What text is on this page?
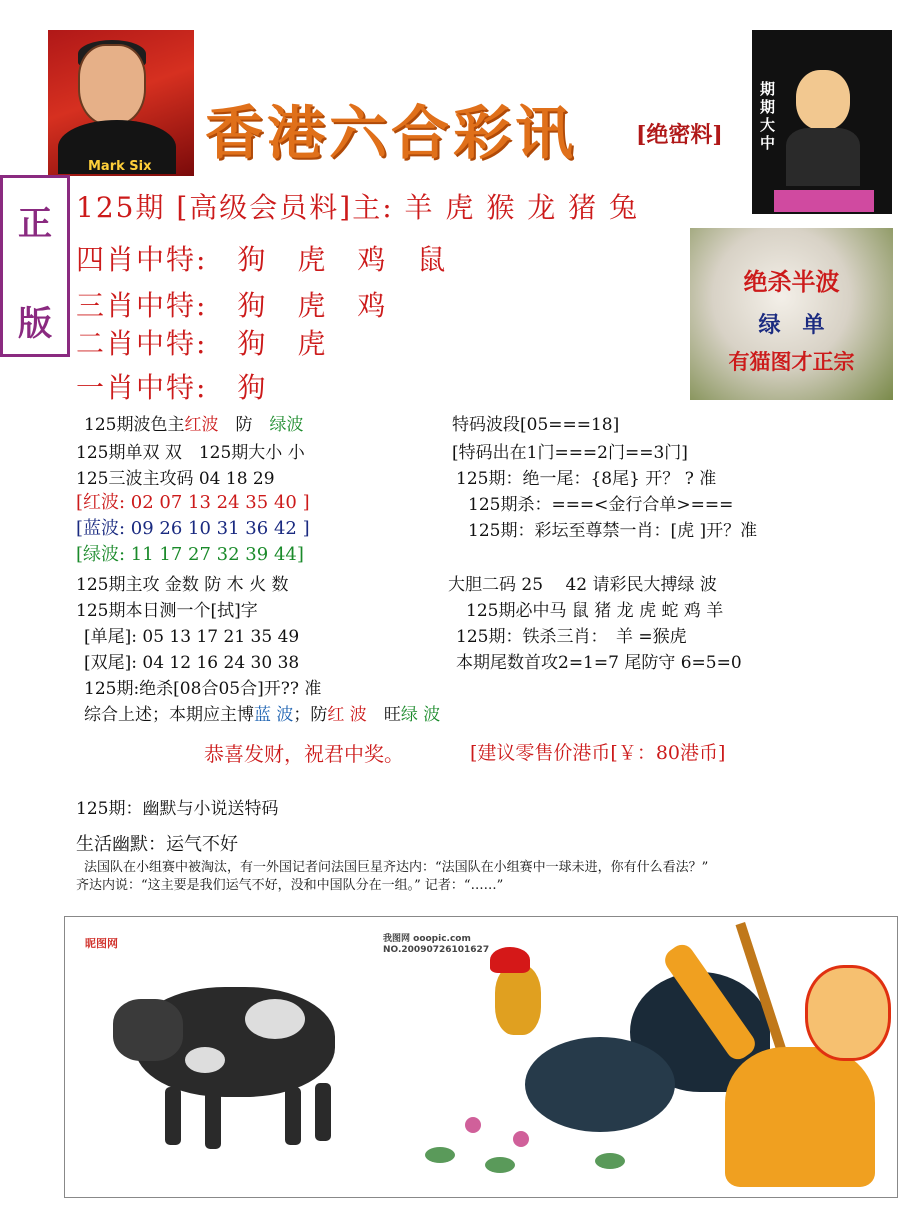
Mark Six 香港六合彩讯	[绝密料]
期
期
大
中
正
版
125期 [高级会员料]主: 羊 虎 猴 龙 猪 兔
四肖中特:　狗　虎　鸡　鼠
三肖中特:　狗　虎　鸡
二肖中特:　狗　虎
一肖中特:　狗
绝杀半波
绿　单
有猫图才正宗
125期波色主红波　 防　 绿波
125期单双 双　125期大小 小
125三波主攻码 04 18 29
[红波: 02 07 13 24 35 40 ]
[蓝波: 09 26 10 31 36 42 ]
[绿波: 11 17 27 32 39 44]
125期主攻 金数 防 木 火 数
125期本日测一个[拭]字
[单尾]: 05 13 17 21 35 49
[双尾]: 04 12 16 24 30 38
125期:绝杀[08合05合]开?? 准
综合上述；本期应主博蓝 波；防红 波　 旺绿 波
特码波段[05===18]
[特码出在1门===2门==3门]
125期：绝一尾：{8尾} 开？ ? 准
125期杀：===<金行合单>===
125期：彩坛至尊禁一肖：[虎 ]开？准
大胆二码 25　 42 请彩民大搏绿 波
125期必中马 鼠 猪 龙 虎 蛇 鸡 羊
125期：铁杀三肖：　羊 =猴虎
本期尾数首攻2=1=7 尾防守 6=5=0
恭喜发财，祝君中奖。	[建议零售价港币[￥：80港币]
125期：幽默与小说送特码
生活幽默：运气不好
法国队在小组赛中被淘汰，有一外国记者问法国巨星齐达内：“法国队在小组赛中一球未进，你有什么看法？”
齐达内说：“这主要是我们运气不好，没和中国队分在一组。” 记者：“……”
昵图网	我图网 ooopic.com
NO.20090726101627
